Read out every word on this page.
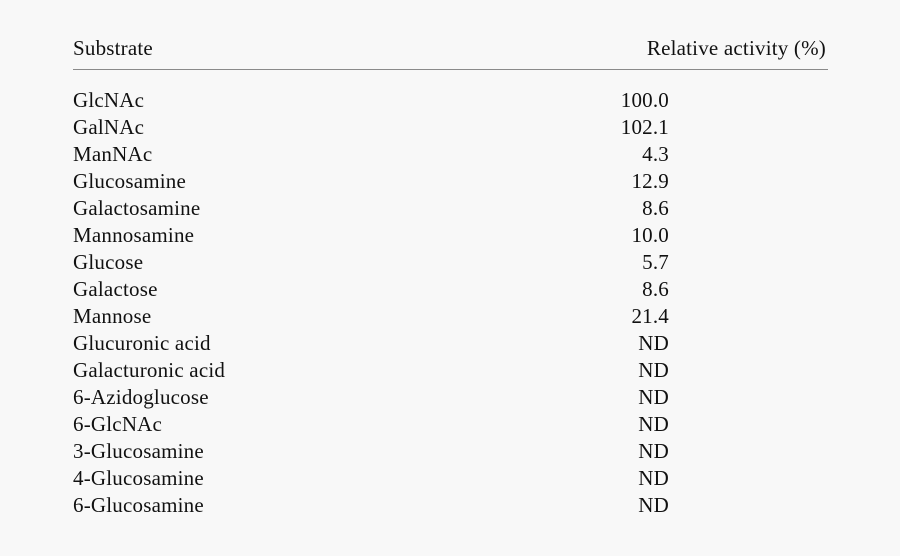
Substrate	Relative activity (%)
GlcNAc	100.0
GalNAc	102.1
ManNAc	4.3
Glucosamine	12.9
Galactosamine	8.6
Mannosamine	10.0
Glucose	5.7
Galactose	8.6
Mannose	21.4
Glucuronic acid	ND
Galacturonic acid	ND
6-Azidoglucose	ND
6-GlcNAc	ND
3-Glucosamine	ND
4-Glucosamine	ND
6-Glucosamine	ND
